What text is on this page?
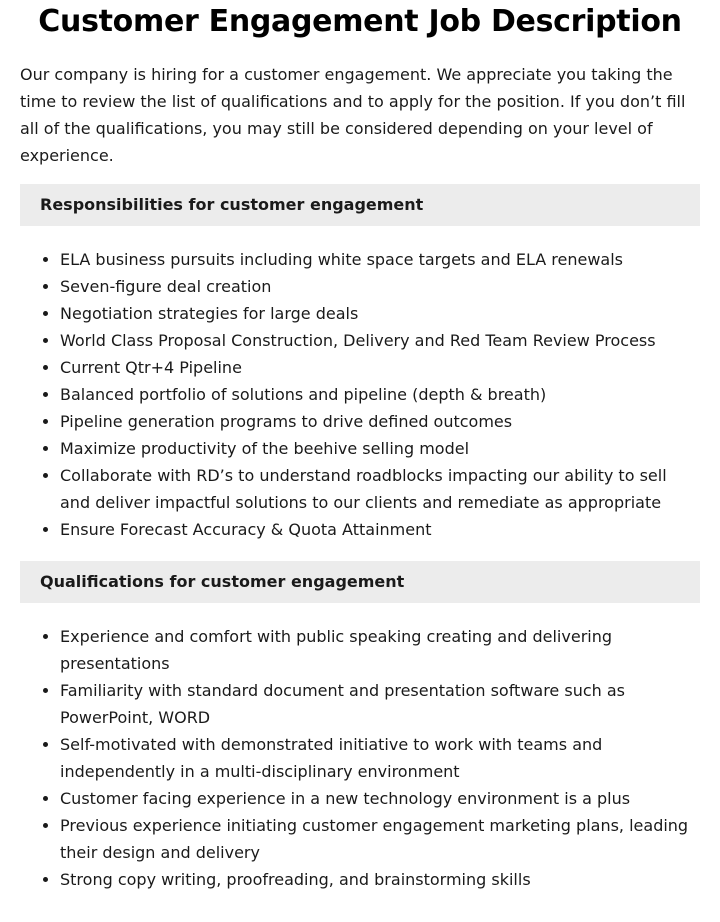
Customer Engagement Job Description

Our company is hiring for a customer engagement. We appreciate you taking the time to review the list of qualifications and to apply for the position. If you don’t fill all of the qualifications, you may still be considered depending on your level of experience.

Responsibilities for customer engagement
• ELA business pursuits including white space targets and ELA renewals
• Seven-figure deal creation
• Negotiation strategies for large deals
• World Class Proposal Construction, Delivery and Red Team Review Process
• Current Qtr+4 Pipeline
• Balanced portfolio of solutions and pipeline (depth & breath)
• Pipeline generation programs to drive defined outcomes
• Maximize productivity of the beehive selling model
• Collaborate with RD’s to understand roadblocks impacting our ability to sell and deliver impactful solutions to our clients and remediate as appropriate
• Ensure Forecast Accuracy & Quota Attainment
Qualifications for customer engagement
• Experience and comfort with public speaking creating and delivering presentations
• Familiarity with standard document and presentation software such as PowerPoint, WORD
• Self-motivated with demonstrated initiative to work with teams and independently in a multi-disciplinary environment
• Customer facing experience in a new technology environment is a plus
• Previous experience initiating customer engagement marketing plans, leading their design and delivery
• Strong copy writing, proofreading, and brainstorming skills
